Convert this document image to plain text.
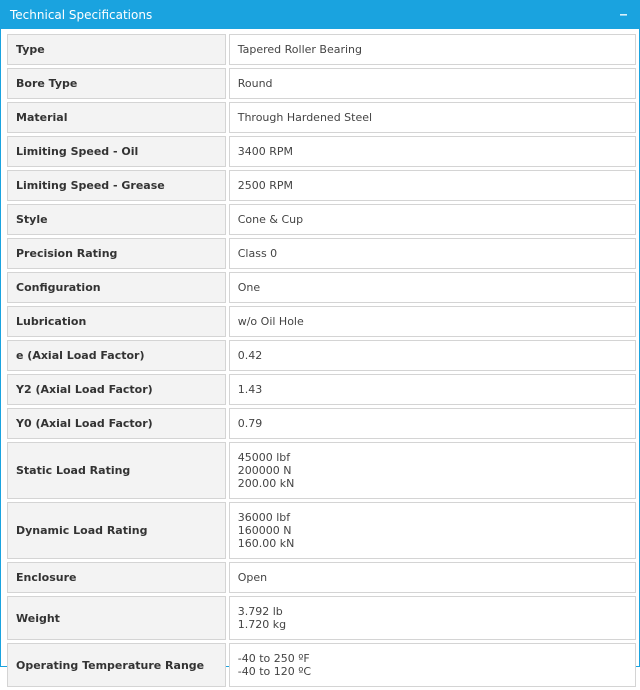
Technical Specifications
Type	Tapered Roller Bearing

Bore Type	Round

Material	Through Hardened Steel

Limiting Speed - Oil	3400 RPM

Limiting Speed - Grease	2500 RPM

Style	Cone & Cup

Precision Rating	Class 0

Configuration	One

Lubrication	w/o Oil Hole

e (Axial Load Factor)	0.42

Y2 (Axial Load Factor)	1.43

Y0 (Axial Load Factor)	0.79

Static Load Rating	45000 lbf
200000 N
200.00 kN

Dynamic Load Rating	36000 lbf
160000 N
160.00 kN

Enclosure	Open

Weight	3.792 lb
1.720 kg

Operating Temperature Range	-40 to 250 ºF
-40 to 120 ºC
